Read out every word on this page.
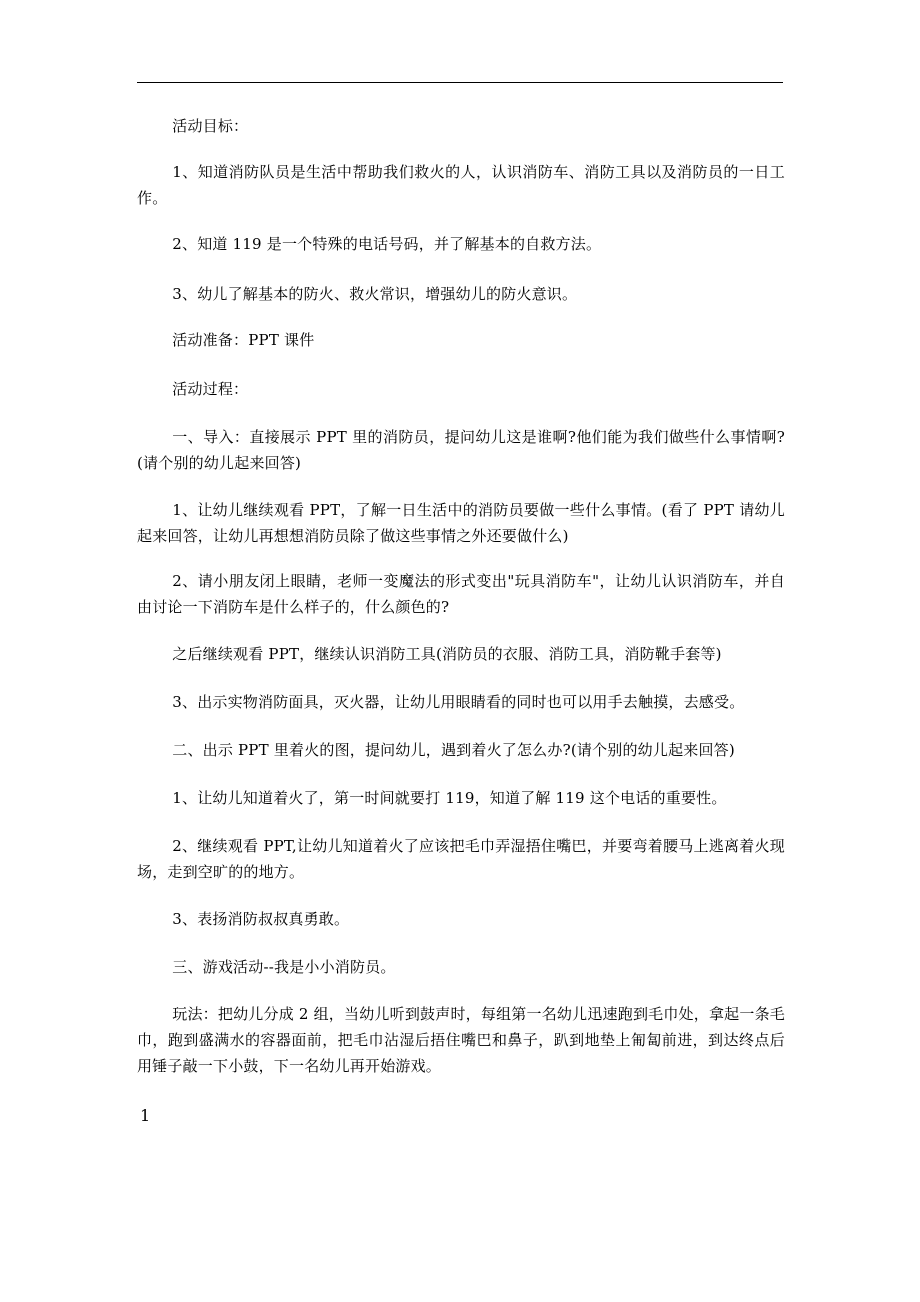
活动目标：

1、知道消防队员是生活中帮助我们救火的人，认识消防车、消防工具以及消防员的一日工作。

2、知道 119 是一个特殊的电话号码，并了解基本的自救方法。

3、幼儿了解基本的防火、救火常识，增强幼儿的防火意识。

活动准备：PPT 课件

活动过程：

一、导入：直接展示 PPT 里的消防员，提问幼儿这是谁啊?他们能为我们做些什么事情啊?(请个别的幼儿起来回答)

1、让幼儿继续观看 PPT，了解一日生活中的消防员要做一些什么事情。(看了 PPT 请幼儿起来回答，让幼儿再想想消防员除了做这些事情之外还要做什么)

2、请小朋友闭上眼睛，老师一变魔法的形式变出"玩具消防车"，让幼儿认识消防车，并自由讨论一下消防车是什么样子的，什么颜色的?

之后继续观看 PPT，继续认识消防工具(消防员的衣服、消防工具，消防靴手套等)

3、出示实物消防面具，灭火器，让幼儿用眼睛看的同时也可以用手去触摸，去感受。

二、出示 PPT 里着火的图，提问幼儿，遇到着火了怎么办?(请个别的幼儿起来回答)

1、让幼儿知道着火了，第一时间就要打 119，知道了解 119 这个电话的重要性。

2、继续观看 PPT,让幼儿知道着火了应该把毛巾弄湿捂住嘴巴，并要弯着腰马上逃离着火现场，走到空旷的的地方。

3、表扬消防叔叔真勇敢。

三、游戏活动--我是小小消防员。

玩法：把幼儿分成 2 组，当幼儿听到鼓声时，每组第一名幼儿迅速跑到毛巾处，拿起一条毛巾，跑到盛满水的容器面前，把毛巾沾湿后捂住嘴巴和鼻子，趴到地垫上匍匐前进，到达终点后用锤子敲一下小鼓，下一名幼儿再开始游戏。

1
